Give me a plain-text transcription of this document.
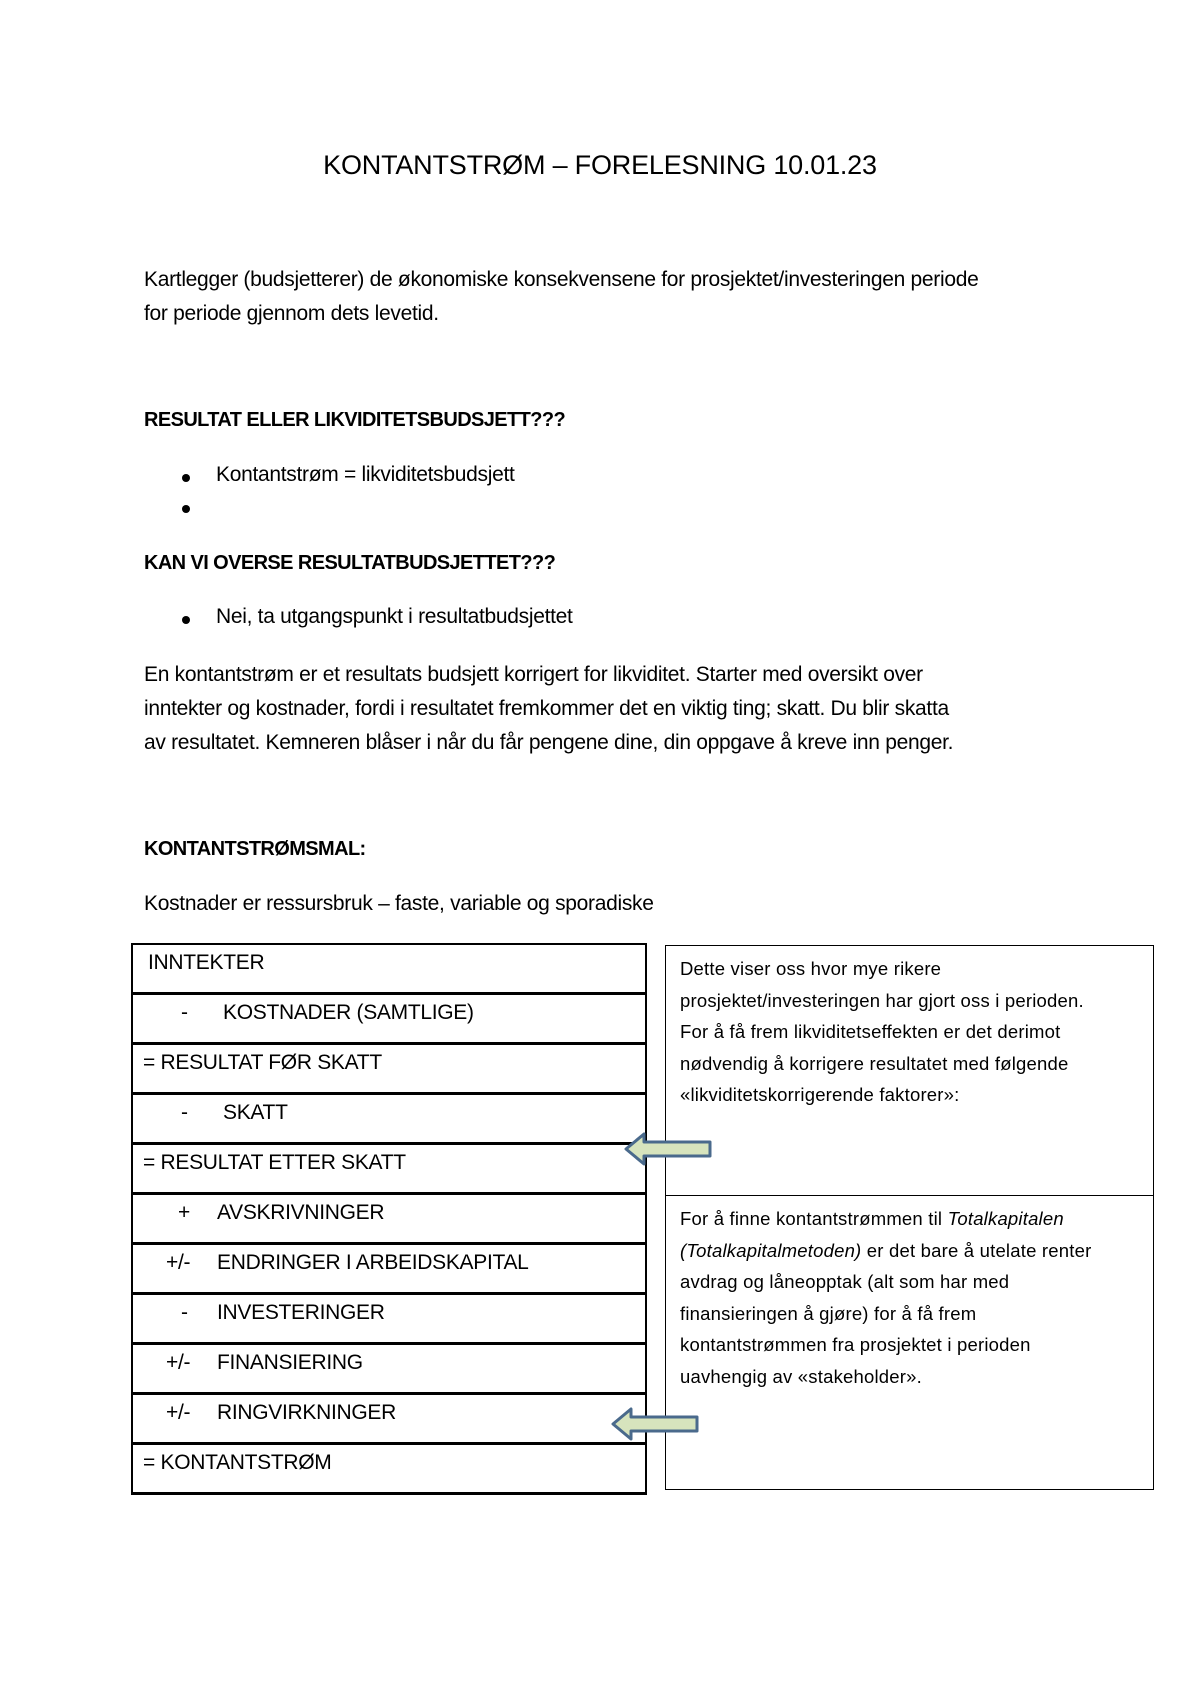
KONTANTSTRØM – FORELESNING 10.01.23
Kartlegger (budsjetterer) de økonomiske konsekvensene for prosjektet/investeringen periode
for periode gjennom dets levetid.
RESULTAT ELLER LIKVIDITETSBUDSJETT???
Kontantstrøm = likviditetsbudsjett
KAN VI OVERSE RESULTATBUDSJETTET???
Nei, ta utgangspunkt i resultatbudsjettet
En kontantstrøm er et resultats budsjett korrigert for likviditet. Starter med oversikt over
inntekter og kostnader, fordi i resultatet fremkommer det en viktig ting; skatt. Du blir skatta
av resultatet. Kemneren blåser i når du får pengene dine, din oppgave å kreve inn penger.
KONTANTSTRØMSMAL:
Kostnader er ressursbruk – faste, variable og sporadiske
INNTEKTER
- KOSTNADER (SAMTLIGE)
= RESULTAT FØR SKATT
- SKATT
= RESULTAT ETTER SKATT
+ AVSKRIVNINGER
+/- ENDRINGER I ARBEIDSKAPITAL
- INVESTERINGER
+/- FINANSIERING
+/- RINGVIRKNINGER
= KONTANTSTRØM
Dette viser oss hvor mye rikere
prosjektet/investeringen har gjort oss i perioden.
For å få frem likviditetseffekten er det derimot
nødvendig å korrigere resultatet med følgende
«likviditetskorrigerende faktorer»:
For å finne kontantstrømmen til Totalkapitalen
(Totalkapitalmetoden) er det bare å utelate renter
avdrag og låneopptak (alt som har med
finansieringen å gjøre) for å få frem
kontantstrømmen fra prosjektet i perioden
uavhengig av «stakeholder».
